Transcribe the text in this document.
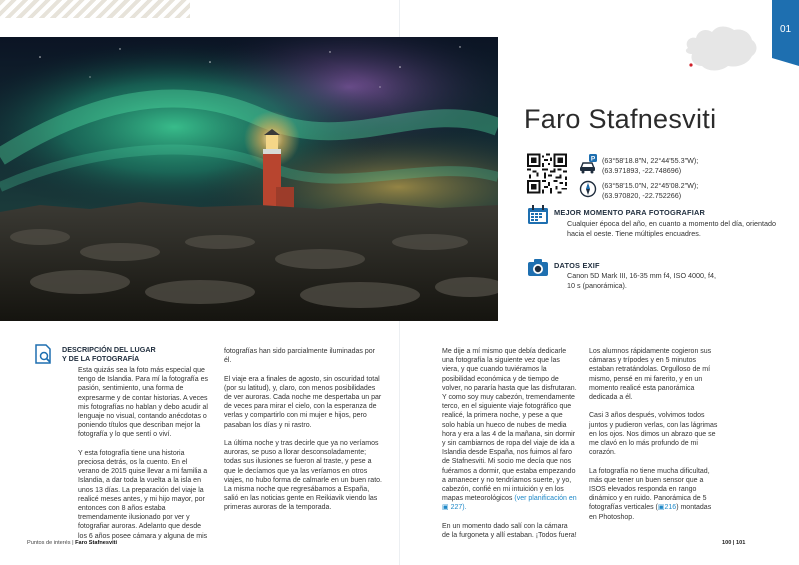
01
Faro Stafnesviti
P (63°58'18.8"N, 22°44'55.3"W);
(63.971893, -22.748696)
(63°58'15.0"N, 22°45'08.2"W);
(63.970820, -22.752266)
MEJOR MOMENTO PARA FOTOGRAFIAR
Cualquier época del año, en cuanto a momento del día, orientado hacia el oeste. Tiene múltiples encuadres.
DATOS EXIF
Canon 5D Mark III, 16-35 mm f4, ISO 4000, f4, 10 s (panorámica).
DESCRIPCIÓN DEL LUGAR
Y DE LA FOTOGRAFÍA

Esta quizás sea la foto más especial que tengo de Islandia. Para mí la fotografía es pasión, sentimiento, una forma de expresarme y de contar historias. A veces mis fotografías no hablan y debo acudir al lenguaje no visual, contando anécdotas o poniendo títulos que describan mejor la fotografía y lo que sentí o viví.

Y esta fotografía tiene una historia preciosa detrás, os la cuento. En el verano de 2015 quise llevar a mi familia a Islandia, a dar toda la vuelta a la isla en unos 13 días. La preparación del viaje la realicé meses antes, y mi hijo mayor, por entonces con 8 años estaba tremendamente ilusionado por ver y fotografiar auroras. Adelanto que desde los 6 años posee cámara y alguna de mis

fotografías han sido parcialmente iluminadas por él.

El viaje era a finales de agosto, sin oscuridad total (por su latitud), y, claro, con menos posibilidades de ver auroras. Cada noche me despertaba un par de veces para mirar el cielo, con la esperanza de verlas y compartirlo con mi mujer e hijos, pero pasaban los días y ni rastro.

La última noche y tras decirle que ya no veríamos auroras, se puso a llorar desconsoladamente; todas sus ilusiones se fueron al traste, y pese a que le decíamos que ya las veríamos en otros viajes, no hubo forma de calmarle en un buen rato. La misma noche que regresábamos a España, salió en las noticias gente en Reikiavik viendo las primeras auroras de la temporada.

Me dije a mí mismo que debía dedicarle una fotografía la siguiente vez que las viera, y que cuando tuviéramos la posibilidad económica y de tiempo de volver, no pararía hasta que las disfrutaran. Y como soy muy cabezón, tremendamente terco, en el siguiente viaje fotográfico que realicé, la primera noche, y pese a que solo había un hueco de nubes de media hora y era a las 4 de la mañana, sin dormir y sin cambiarnos de ropa del viaje de ida a Islandia desde España, nos fuimos al faro de Stafnesviti. Mi socio me decía que nos fuéramos a dormir, que estaba empezando a amanecer y no tendríamos suerte, y yo, cabezón, confié en mi intuición y en los mapas meteorológicos (ver planificación en ▣ 227).

En un momento dado salí con la cámara de la furgoneta y allí estaban. ¡Todos fuera!

Los alumnos rápidamente cogieron sus cámaras y trípodes y en 5 minutos estaban retratándolas. Orgulloso de mí mismo, pensé en mi farerito, y en un momento realicé esta panorámica dedicada a él.

Casi 3 años después, volvimos todos juntos y pudieron verlas, con las lágrimas en los ojos. Nos dimos un abrazo que se me clavó en lo más profundo de mi corazón.

La fotografía no tiene mucha dificultad, más que tener un buen sensor que a ISOS elevados responda en rango dinámico y en ruido. Panorámica de 5 fotografías verticales (▣216) montadas en Photoshop.

Puntos de interés | Faro Stafnesviti	100 | 101
